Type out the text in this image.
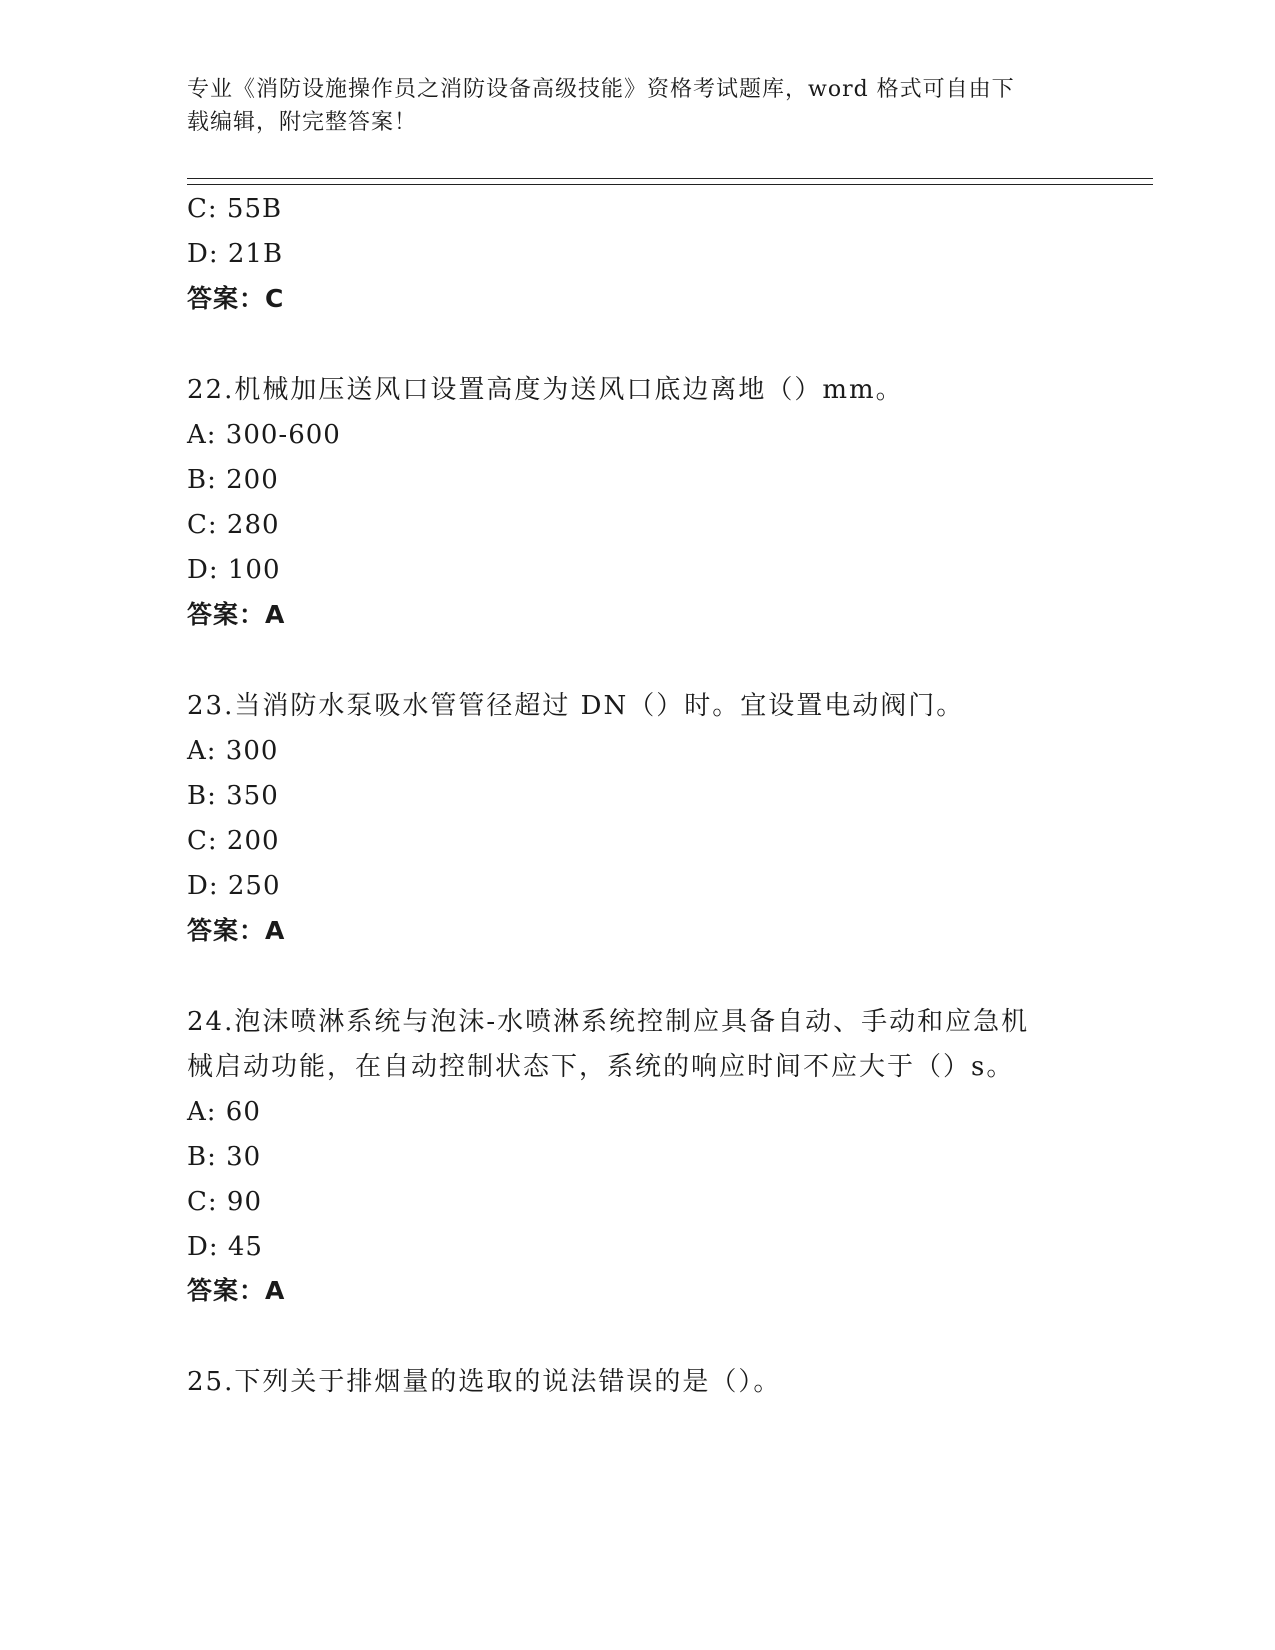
专业《消防设施操作员之消防设备高级技能》资格考试题库，word 格式可自由下
载编辑，附完整答案！
C: 55B
D: 21B
答案：C
22.机械加压送风口设置高度为送风口底边离地（）mm。
A: 300-600
B: 200
C: 280
D: 100
答案：A
23.当消防水泵吸水管管径超过 DN（）时。宜设置电动阀门。
A: 300
B: 350
C: 200
D: 250
答案：A
24.泡沫喷淋系统与泡沫-水喷淋系统控制应具备自动、手动和应急机
械启动功能，在自动控制状态下，系统的响应时间不应大于（）s。
A: 60
B: 30
C: 90
D: 45
答案：A
25.下列关于排烟量的选取的说法错误的是（）。
